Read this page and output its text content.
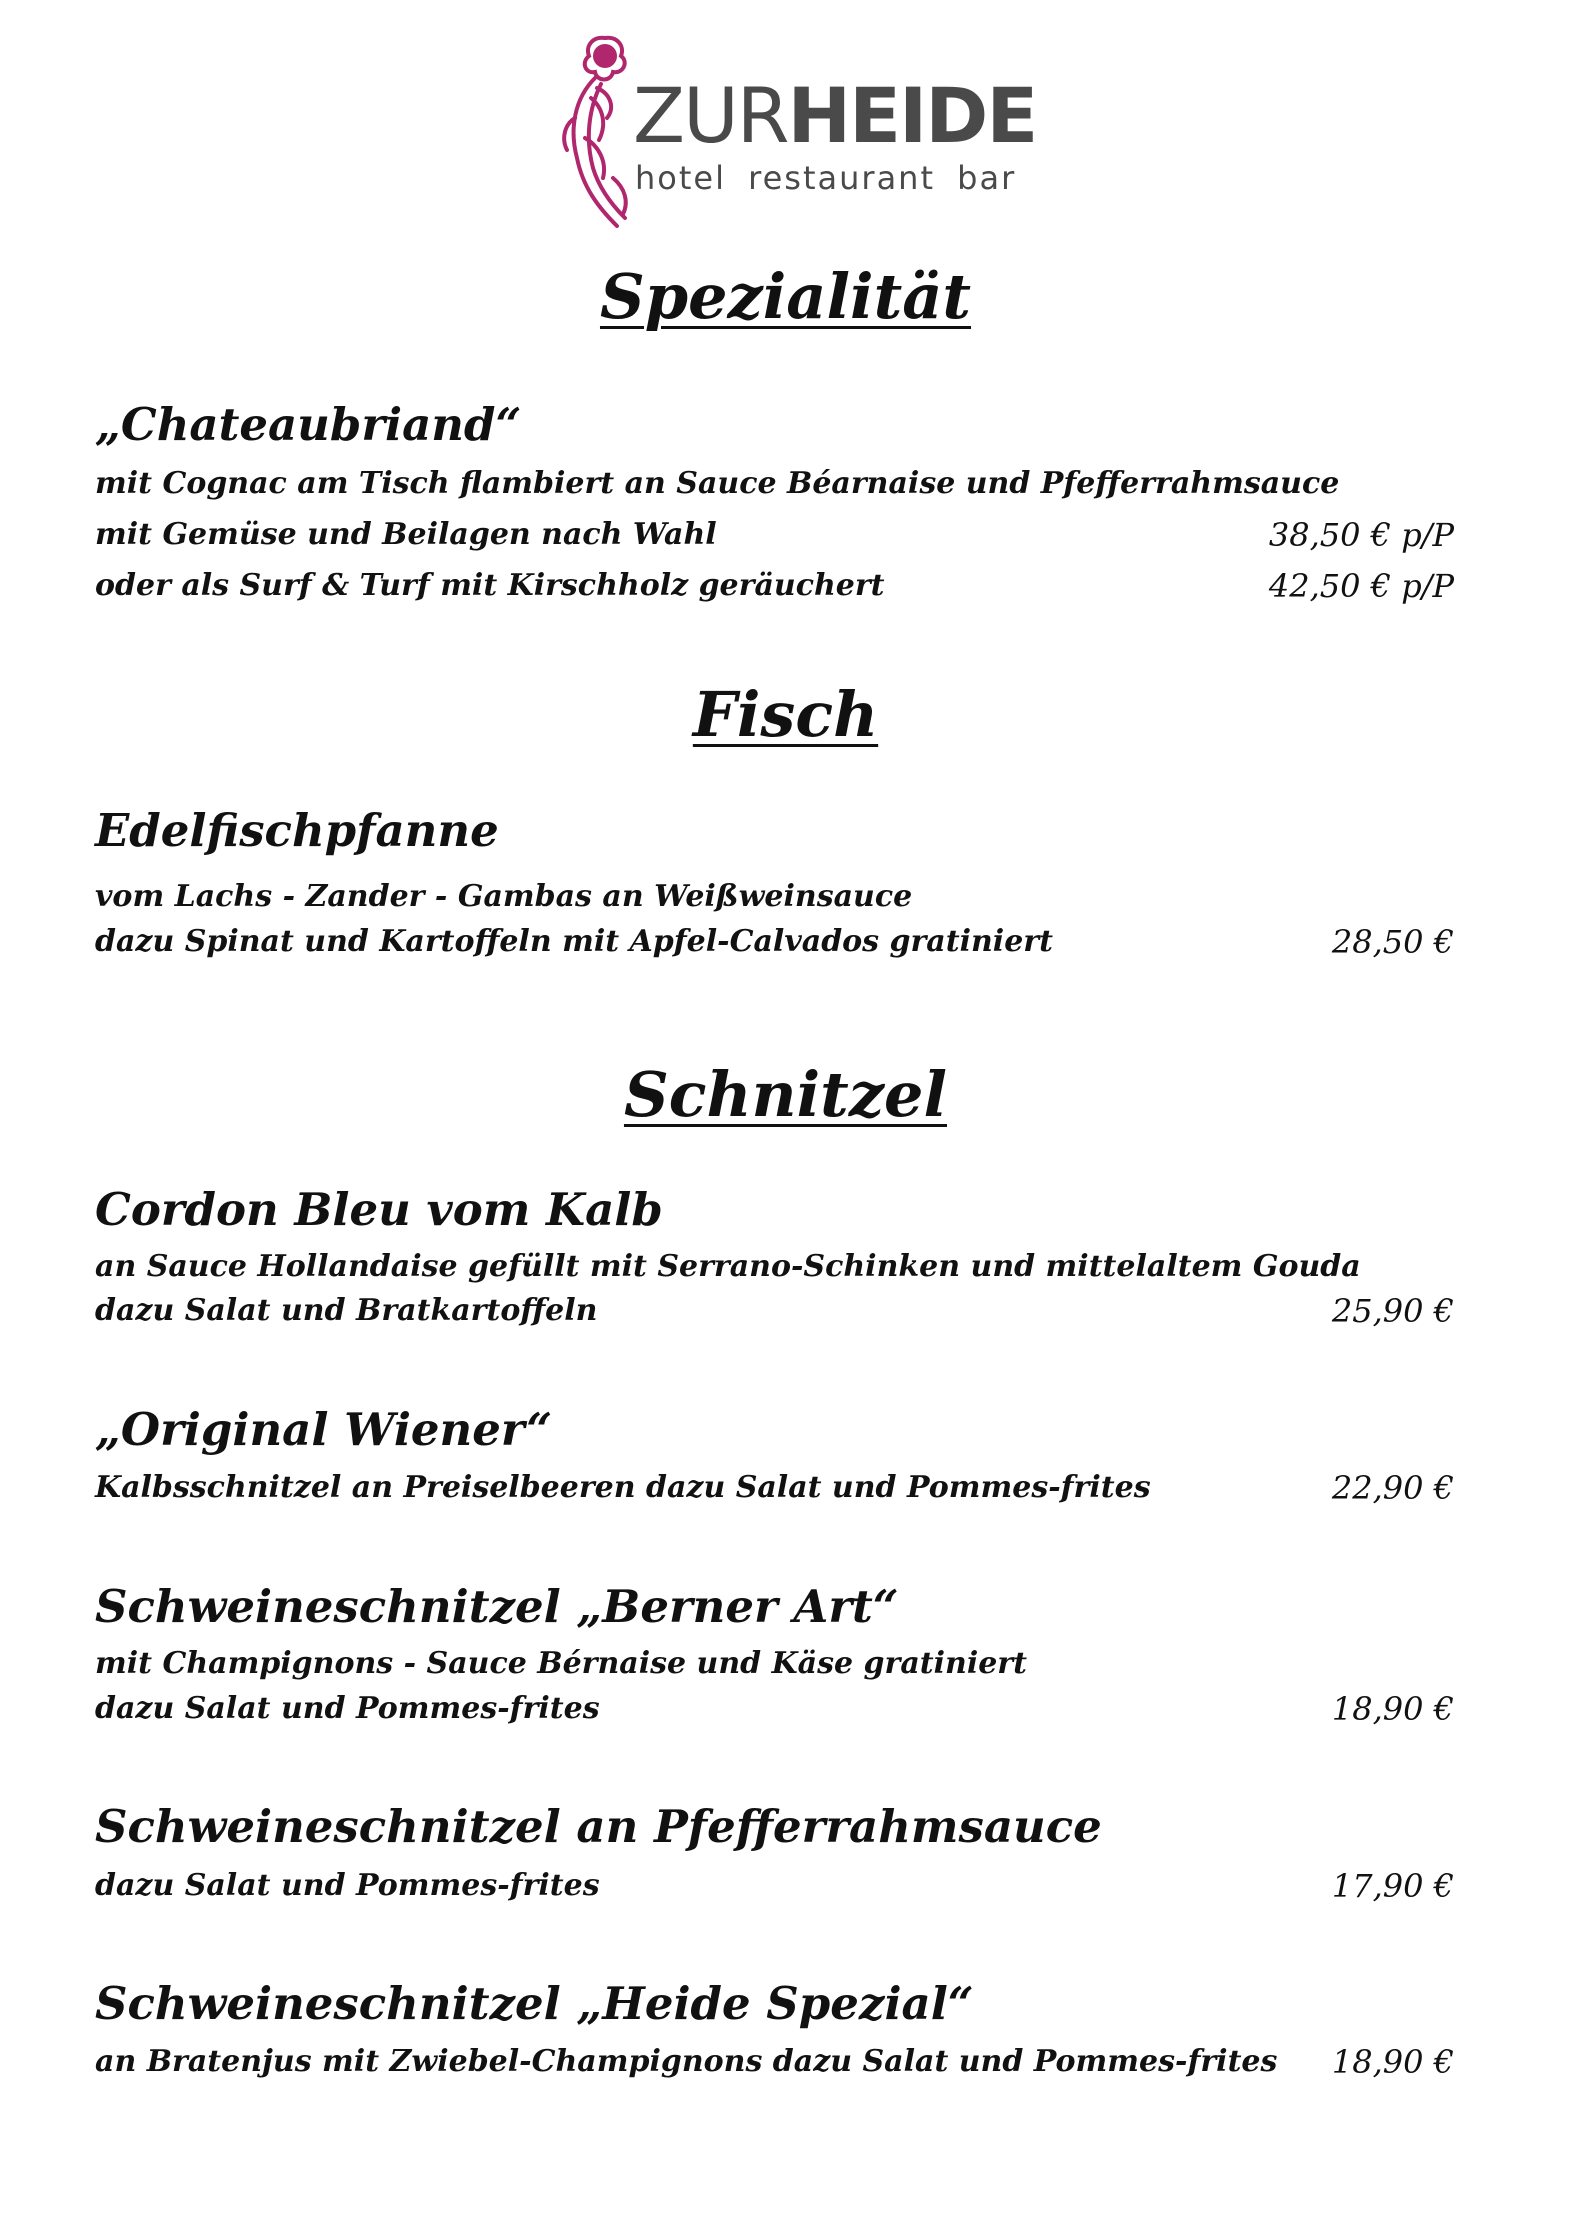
ZURHEIDE
hotel restaurant bar
Spezialität
„Chateaubriand“
mit Cognac am Tisch flambiert an Sauce Béarnaise und Pfefferrahmsauce
mit Gemüse und Beilagen nach Wahl	38,50 € p/P
oder als Surf & Turf mit Kirschholz geräuchert	42,50 € p/P
Fisch
Edelfischpfanne
vom Lachs - Zander - Gambas an Weißweinsauce
dazu Spinat und Kartoffeln mit Apfel-Calvados gratiniert	28,50 €
Schnitzel
Cordon Bleu vom Kalb
an Sauce Hollandaise gefüllt mit Serrano-Schinken und mittelaltem Gouda
dazu Salat und Bratkartoffeln	25,90 €
„Original Wiener“
Kalbsschnitzel an Preiselbeeren dazu Salat und Pommes-frites	22,90 €
Schweineschnitzel „Berner Art“
mit Champignons - Sauce Bérnaise und Käse gratiniert
dazu Salat und Pommes-frites	18,90 €
Schweineschnitzel an Pfefferrahmsauce
dazu Salat und Pommes-frites	17,90 €
Schweineschnitzel „Heide Spezial“
an Bratenjus mit Zwiebel-Champignons dazu Salat und Pommes-frites 18,90 €
